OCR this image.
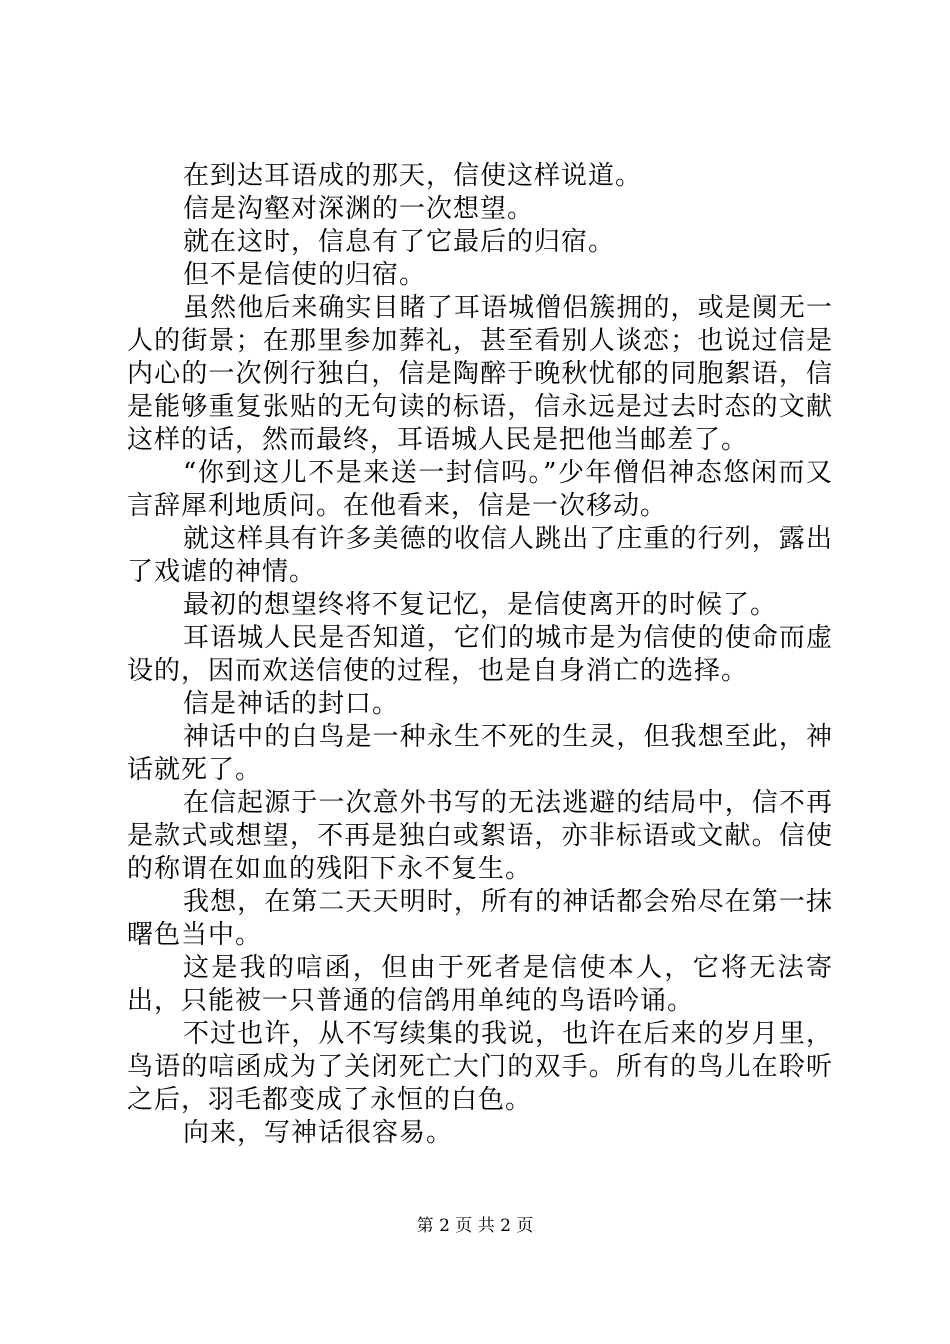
在到达耳语成的那天，信使这样说道。

信是沟壑对深渊的一次想望。

就在这时，信息有了它最后的归宿。

但不是信使的归宿。

虽然他后来确实目睹了耳语城僧侣簇拥的，或是阒无一人的街景；在那里参加葬礼，甚至看别人谈恋；也说过信是内心的一次例行独白，信是陶醉于晚秋忧郁的同胞絮语，信是能够重复张贴的无句读的标语，信永远是过去时态的文献这样的话，然而最终，耳语城人民是把他当邮差了。

“你到这儿不是来送一封信吗。”少年僧侣神态悠闲而又言辞犀利地质问。在他看来，信是一次移动。

就这样具有许多美德的收信人跳出了庄重的行列，露出了戏谑的神情。

最初的想望终将不复记忆，是信使离开的时候了。

耳语城人民是否知道，它们的城市是为信使的使命而虚设的，因而欢送信使的过程，也是自身消亡的选择。

信是神话的封口。

神话中的白鸟是一种永生不死的生灵，但我想至此，神话就死了。

在信起源于一次意外书写的无法逃避的结局中，信不再是款式或想望，不再是独白或絮语，亦非标语或文献。信使的称谓在如血的残阳下永不复生。

我想，在第二天天明时，所有的神话都会殆尽在第一抹曙色当中。

这是我的唁函，但由于死者是信使本人，它将无法寄出，只能被一只普通的信鸽用单纯的鸟语吟诵。

不过也许，从不写续集的我说，也许在后来的岁月里，鸟语的唁函成为了关闭死亡大门的双手。所有的鸟儿在聆听之后，羽毛都变成了永恒的白色。

向来，写神话很容易。

第 2 页 共 2 页
